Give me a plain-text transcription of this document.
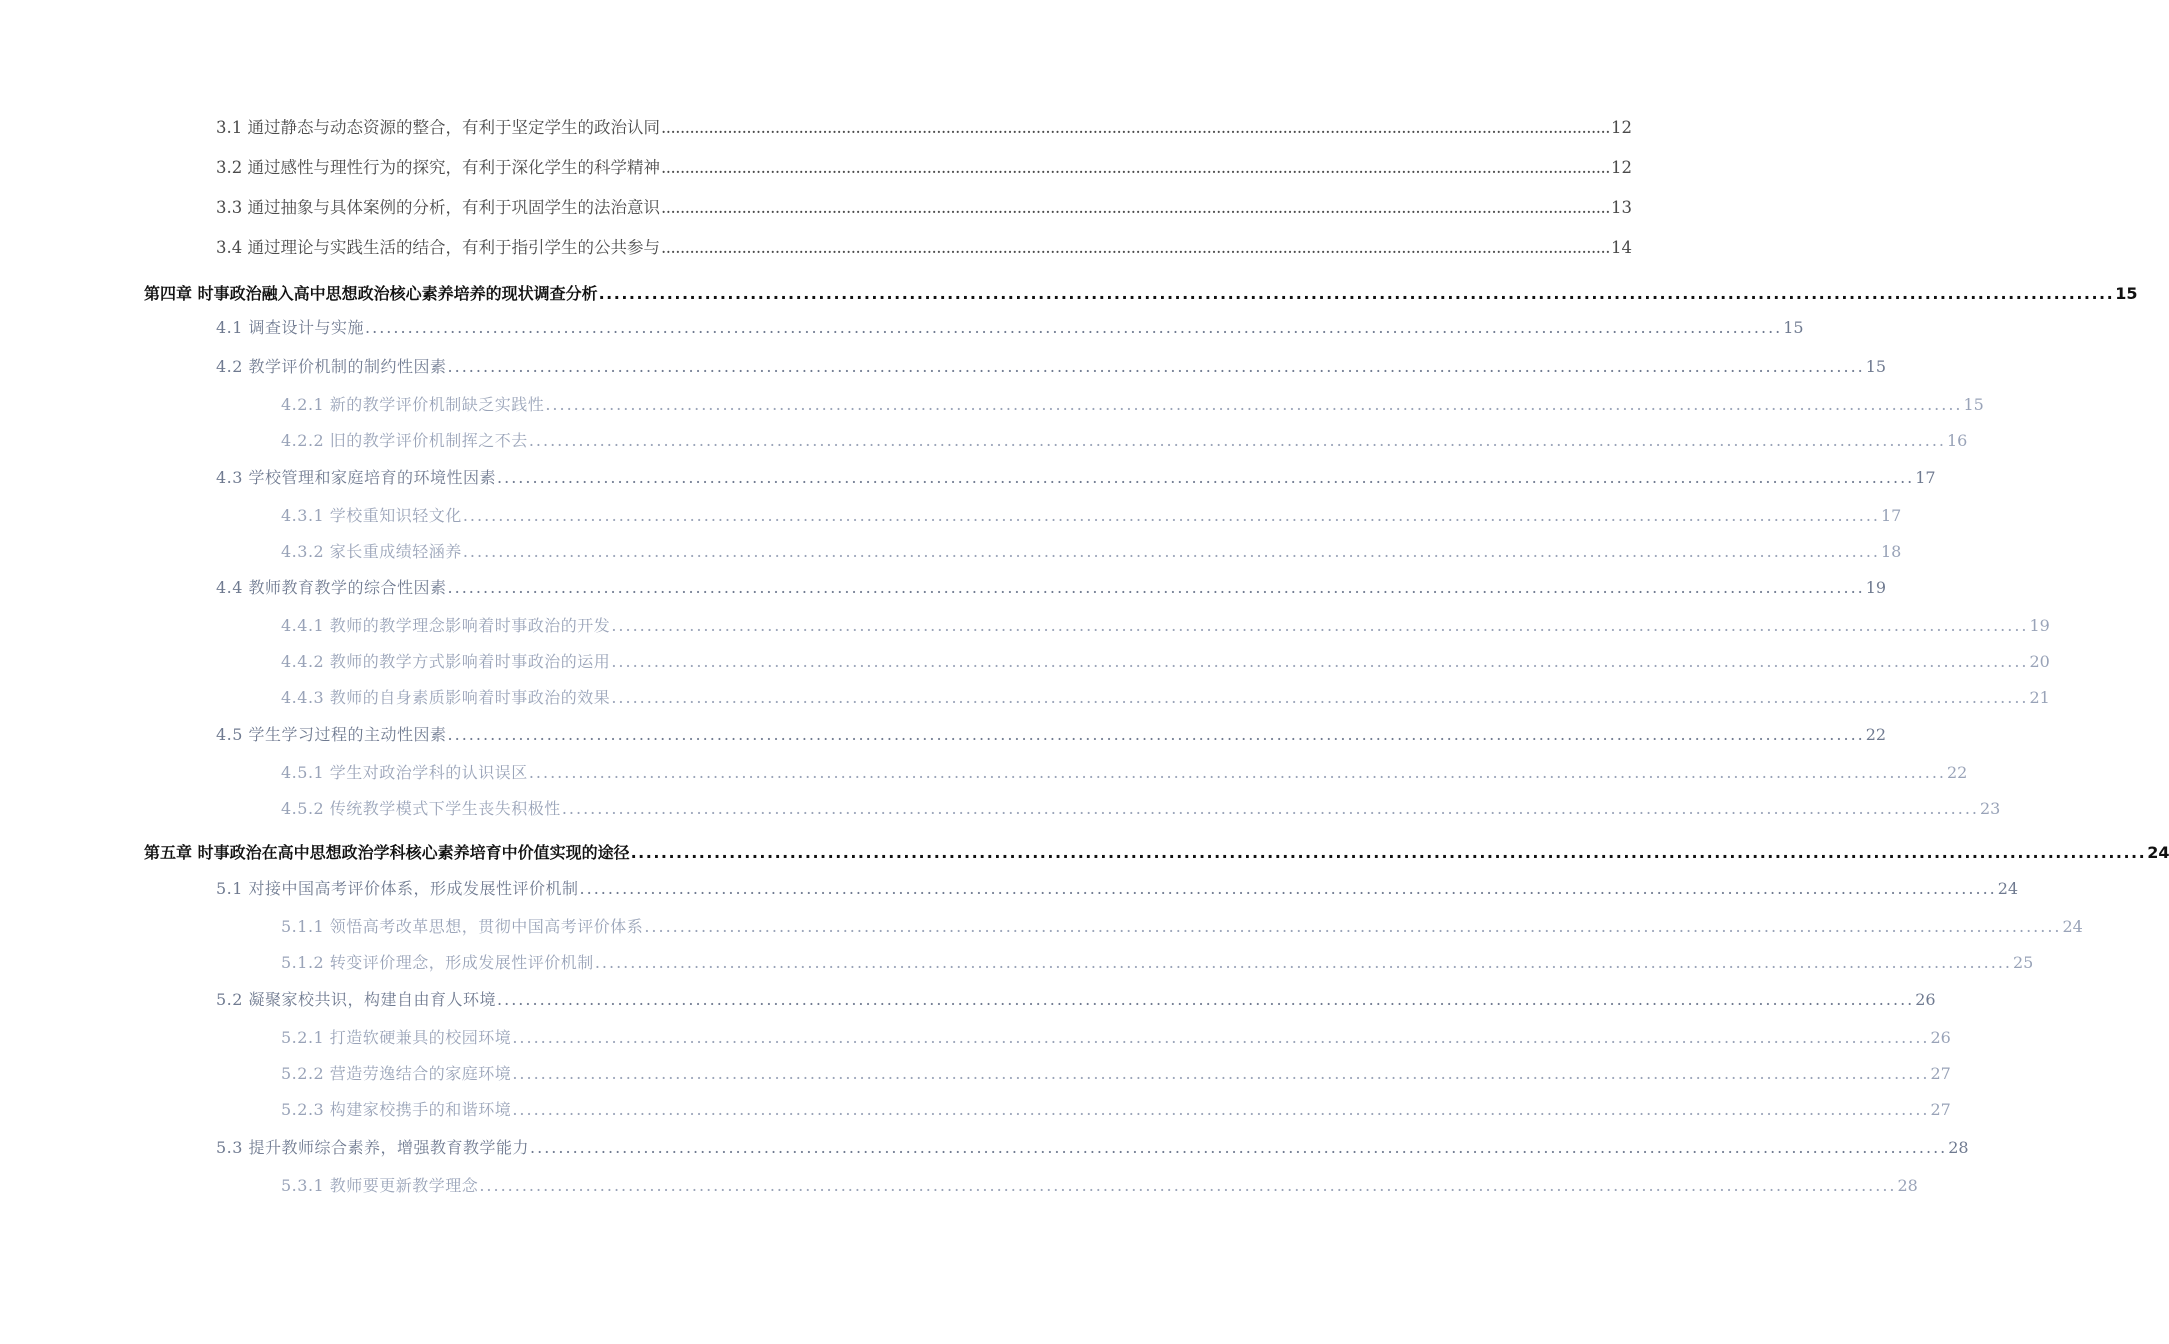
3.1 通过静态与动态资源的整合，有利于坚定学生的政治认同 ........................................................................................................................................................................................................ 12
3.2 通过感性与理性行为的探究，有利于深化学生的科学精神 ........................................................................................................................................................................................................ 12
3.3 通过抽象与具体案例的分析，有利于巩固学生的法治意识 ........................................................................................................................................................................................................ 13
3.4 通过理论与实践生活的结合，有利于指引学生的公共参与 ........................................................................................................................................................................................................ 14
第四章 时事政治融入高中思想政治核心素养培养的现状调查分析 ........................................................................................................................................................................................................ 15
4.1 调查设计与实施 ........................................................................................................................................................................................................ 15
4.2 教学评价机制的制约性因素 ........................................................................................................................................................................................................ 15
4.2.1 新的教学评价机制缺乏实践性 ........................................................................................................................................................................................................ 15
4.2.2 旧的教学评价机制挥之不去 ........................................................................................................................................................................................................ 16
4.3 学校管理和家庭培育的环境性因素 ........................................................................................................................................................................................................ 17
4.3.1 学校重知识轻文化 ........................................................................................................................................................................................................ 17
4.3.2 家长重成绩轻涵养 ........................................................................................................................................................................................................ 18
4.4 教师教育教学的综合性因素 ........................................................................................................................................................................................................ 19
4.4.1 教师的教学理念影响着时事政治的开发 ........................................................................................................................................................................................................ 19
4.4.2 教师的教学方式影响着时事政治的运用 ........................................................................................................................................................................................................ 20
4.4.3 教师的自身素质影响着时事政治的效果 ........................................................................................................................................................................................................ 21
4.5 学生学习过程的主动性因素 ........................................................................................................................................................................................................ 22
4.5.1 学生对政治学科的认识误区 ........................................................................................................................................................................................................ 22
4.5.2 传统教学模式下学生丧失积极性 ........................................................................................................................................................................................................ 23
第五章 时事政治在高中思想政治学科核心素养培育中价值实现的途径 ........................................................................................................................................................................................................ 24
5.1 对接中国高考评价体系，形成发展性评价机制 ........................................................................................................................................................................................................ 24
5.1.1 领悟高考改革思想，贯彻中国高考评价体系 ........................................................................................................................................................................................................ 24
5.1.2 转变评价理念，形成发展性评价机制 ........................................................................................................................................................................................................ 25
5.2 凝聚家校共识，构建自由育人环境 ........................................................................................................................................................................................................ 26
5.2.1 打造软硬兼具的校园环境 ........................................................................................................................................................................................................ 26
5.2.2 营造劳逸结合的家庭环境 ........................................................................................................................................................................................................ 27
5.2.3 构建家校携手的和谐环境 ........................................................................................................................................................................................................ 27
5.3 提升教师综合素养，增强教育教学能力 ........................................................................................................................................................................................................ 28
5.3.1 教师要更新教学理念 ........................................................................................................................................................................................................ 28
